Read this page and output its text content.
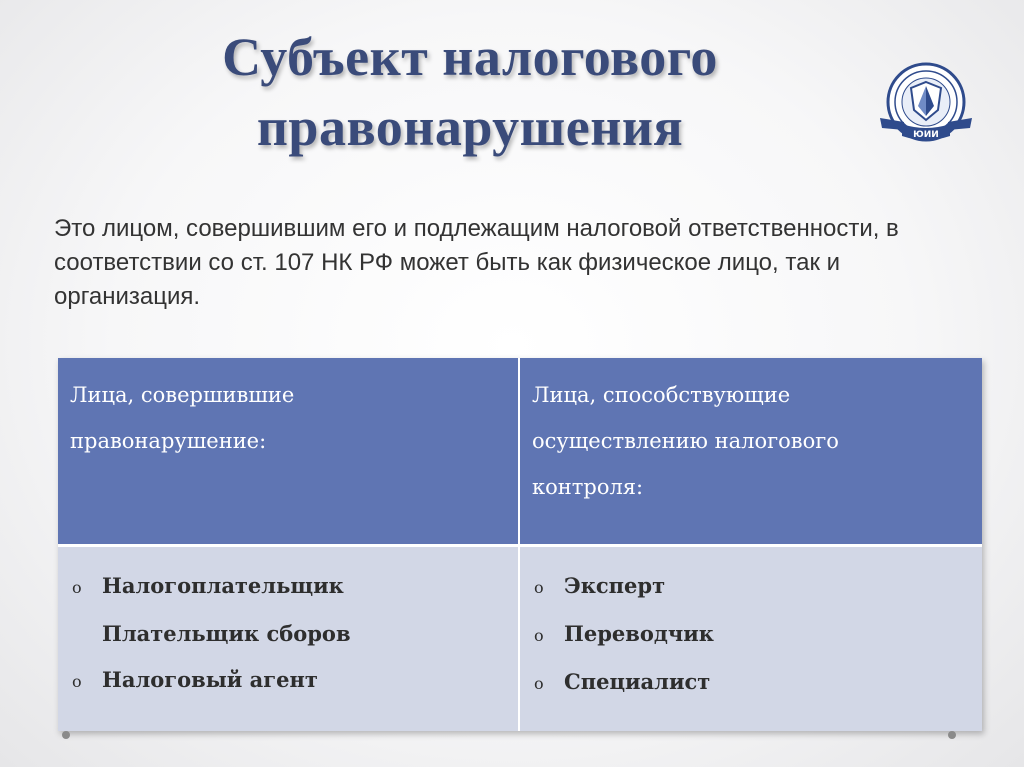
Субъект налогового
правонарушения	ЮИИ
Это лицом, совершившим его и подлежащим налоговой ответственности, в соответствии со ст. 107 НК РФ может быть как физическое лицо, так и организация.
Лица, совершившие
правонарушение:
Лица, способствующие
осуществлению налогового
контроля:
o Налогоплательщик
Плательщик сборов
o Налоговый агент
o Эксперт
o Переводчик
o Специалист
